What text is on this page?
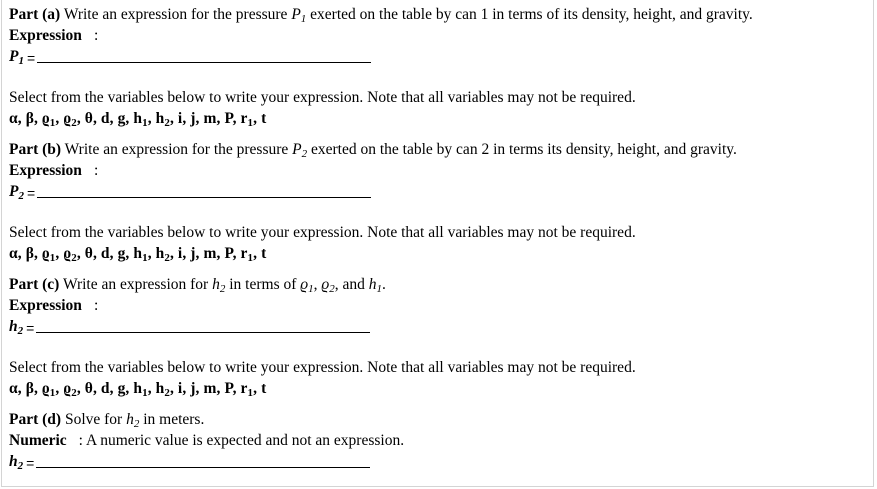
Part (a) Write an expression for the pressure $P_1$ exerted on the table by can 1 in terms of its density, height, and gravity.
Expression :
$P_1$ =
Select from the variables below to write your expression. Note that all variables may not be required.
α, β, $ϱ_1$, $ϱ_2$, θ, d, g, $h_1$, $h_2$, i, j, m, P, $r_1$, t
Part (b) Write an expression for the pressure $P_2$ exerted on the table by can 2 in terms its density, height, and gravity.
Expression :
$P_2$ =
Select from the variables below to write your expression. Note that all variables may not be required.
α, β, $ϱ_1$, $ϱ_2$, θ, d, g, $h_1$, $h_2$, i, j, m, P, $r_1$, t
Part (c) Write an expression for $h_2$ in terms of $ϱ_1$, $ϱ_2$, and $h_1$.
Expression :
$h_2$ =
Select from the variables below to write your expression. Note that all variables may not be required.
α, β, $ϱ_1$, $ϱ_2$, θ, d, g, $h_1$, $h_2$, i, j, m, P, $r_1$, t
Part (d) Solve for $h_2$ in meters.
Numeric : A numeric value is expected and not an expression.
$h_2$ =
